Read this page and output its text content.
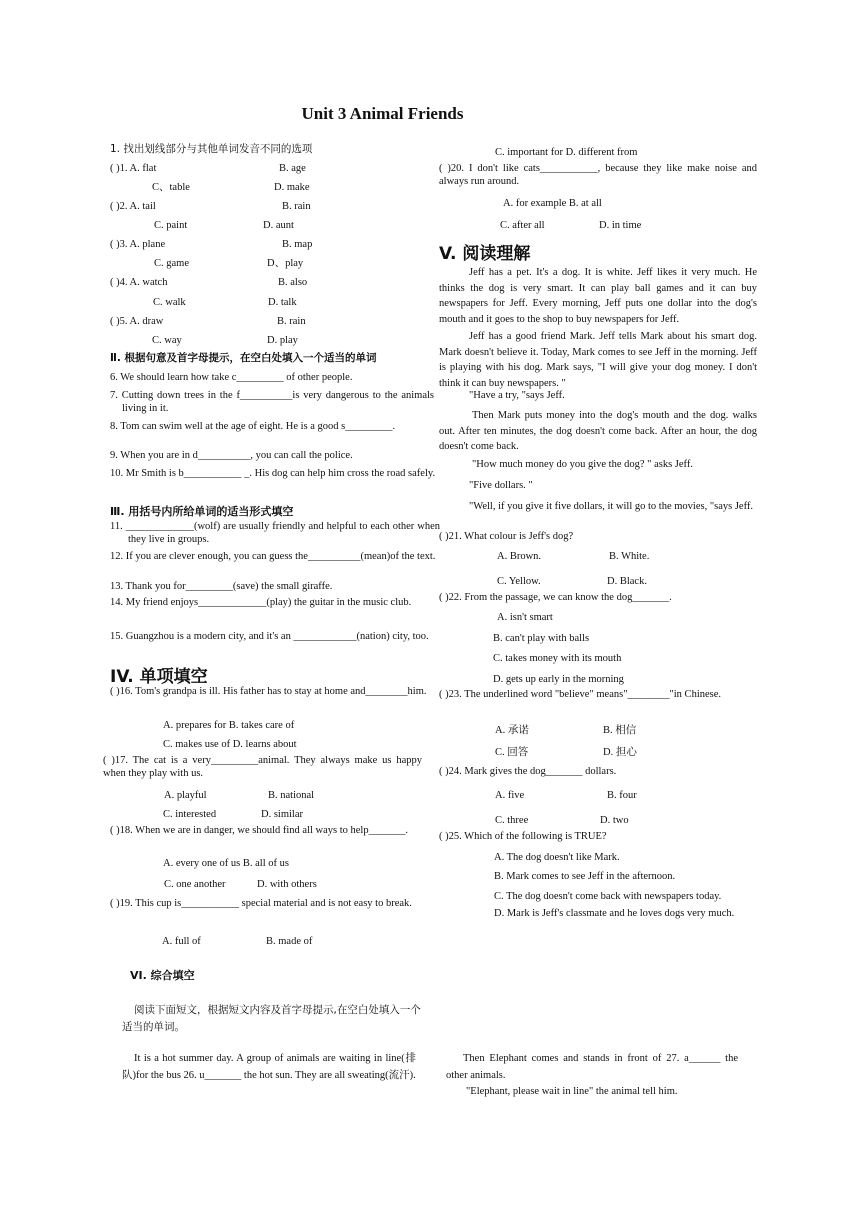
Unit 3 Animal Friends
1. 找出划线部分与其他单词发音不同的选项
( )1. A. flat	B. age
C、table	D. make
( )2. A. tail	B. rain
C. paint	D. aunt
( )3. A. plane	B. map
C. game	D、play
( )4. A. watch	B. also
C. walk	D. talk
( )5. A. draw	B. rain
C. way	D. play
Ⅱ. 根据句意及首字母提示，在空白处填入一个适当的单词
6. We should learn how take c_________ of other people.
7. Cutting down trees in the f__________is very dangerous to the animals living in it.
8. Tom can swim well at the age of eight. He is a good s_________.
9. When you are in d__________, you can call the police.
10. Mr Smith is b___________ _. His dog can help him cross the road safely.
Ⅲ. 用括号内所给单词的适当形式填空
11. _____________(wolf) are usually friendly and helpful to each other when they live in groups.
12. If you are clever enough, you can guess the__________(mean)of the text.
13. Thank you for_________(save) the small giraffe.
14. My friend enjoys_____________(play) the guitar in the music club.
15. Guangzhou is a modern city, and it's an ____________(nation) city, too.
IV. 单项填空
( )16. Tom's grandpa is ill. His father has to stay at home and________him.
A. prepares for B. takes care of
C. makes use of D. learns about
( )17. The cat is a very_________animal. They always make us happy when they play with us.
A. playful	B. national
C. interested	D. similar
( )18. When we are in danger, we should find all ways to help_______.
A. every one of us B. all of us
C. one another	D. with others
( )19. This cup is___________ special material and is not easy to break.
A. full of	B. made of
VI. 综合填空
阅读下面短文，根据短文内容及首字母提示,在空白处填入一个适当的单词。
It is a hot summer day. A group of animals are waiting in line(排队)for the bus 26. u_______ the hot sun. They are all sweating(流汗).
C. important for D. different from
( )20. I don't like cats___________, because they like make noise and always run around.
A. for example B. at all
C. after all	D. in time
V. 阅读理解
Jeff has a pet. It's a dog. It is white. Jeff likes it very much. He thinks the dog is very smart. It can play ball games and it can buy newspapers for Jeff. Every morning, Jeff puts one dollar into the dog's mouth and it goes to the shop to buy newspapers for Jeff.
Jeff has a good friend Mark. Jeff tells Mark about his smart dog. Mark doesn't believe it. Today, Mark comes to see Jeff in the morning. Jeff is playing with his dog. Mark says, "I will give your dog money. I don't think it can buy newspapers. "
"Have a try, "says Jeff.
Then Mark puts money into the dog's mouth and the dog. walks out. After ten minutes, the dog doesn't come back. After an hour, the dog doesn't come back.
"How much money do you give the dog? " asks Jeff.
"Five dollars. "
"Well, if you give it five dollars, it will go to the movies, "says Jeff.
( )21. What colour is Jeff's dog?
A. Brown.	B. White.
C. Yellow.	D. Black.
( )22. From the passage, we can know the dog_______.
A. isn't smart
B. can't play with balls
C. takes money with its mouth
D. gets up early in the morning
( )23. The underlined word "believe" means"________"in Chinese.
A. 承诺	B. 相信
C. 回答	D. 担心
( )24. Mark gives the dog_______ dollars.
A. five	B. four
C. three	D. two
( )25. Which of the following is TRUE?
A. The dog doesn't like Mark.
B. Mark comes to see Jeff in the afternoon.
C. The dog doesn't come back with newspapers today.
D. Mark is Jeff's classmate and he loves dogs very much.
Then Elephant comes and stands in front of 27. a______ the other animals.
"Elephant, please wait in line" the animal tell him.
